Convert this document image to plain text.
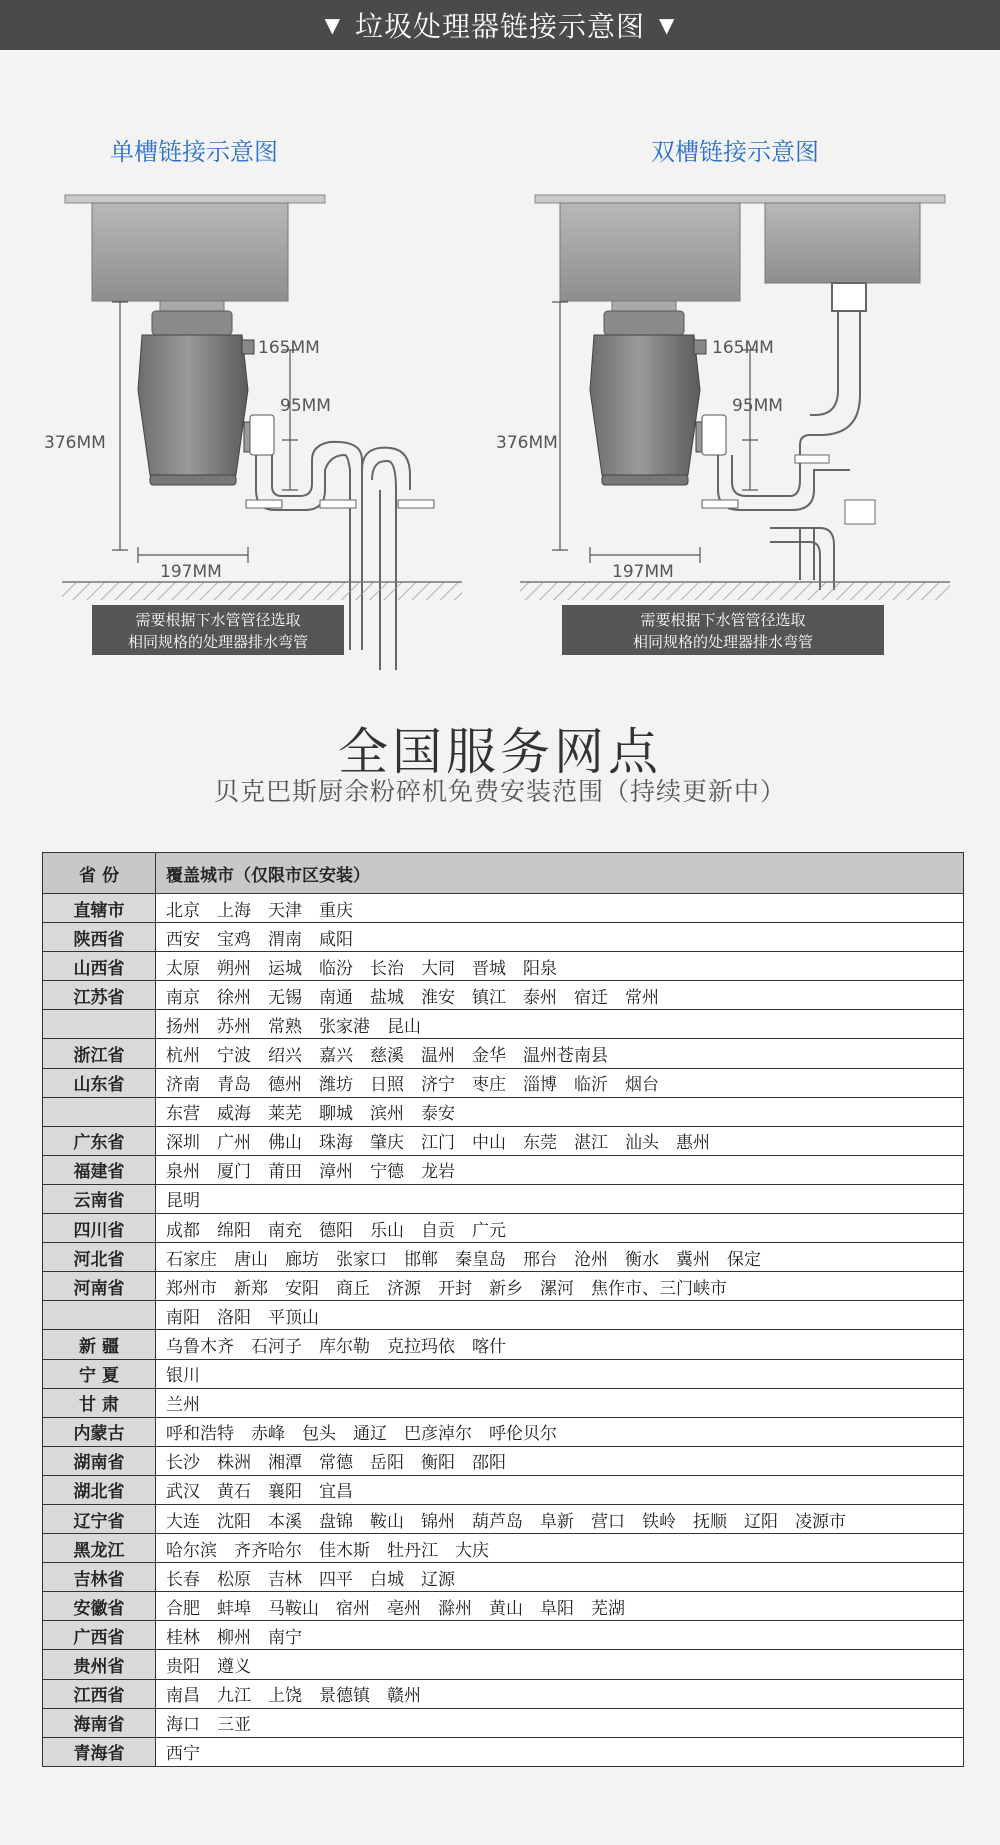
▼ 垃圾处理器链接示意图 ▼
单槽链接示意图
376MM
165MM
95MM
197MM
需要根据下水管管径选取
相同规格的处理器排水弯管
双槽链接示意图
376MM
165MM
95MM
197MM
需要根据下水管管径选取
相同规格的处理器排水弯管
全国服务网点
贝克巴斯厨余粉碎机免费安装范围（持续更新中）
省 份	覆盖城市（仅限市区安装）
直辖市	北京 上海 天津 重庆
陕西省	西安 宝鸡 渭南 咸阳
山西省	太原 朔州 运城 临汾 长治 大同 晋城 阳泉
江苏省	南京 徐州 无锡 南通 盐城 淮安 镇江 泰州 宿迁 常州
	扬州 苏州 常熟 张家港 昆山
浙江省	杭州 宁波 绍兴 嘉兴 慈溪 温州 金华 温州苍南县
山东省	济南 青岛 德州 潍坊 日照 济宁 枣庄 淄博 临沂 烟台
	东营 威海 莱芜 聊城 滨州 泰安
广东省	深圳 广州 佛山 珠海 肇庆 江门 中山 东莞 湛江 汕头 惠州
福建省	泉州 厦门 莆田 漳州 宁德 龙岩
云南省	昆明
四川省	成都 绵阳 南充 德阳 乐山 自贡 广元
河北省	石家庄 唐山 廊坊 张家口 邯郸 秦皇岛 邢台 沧州 衡水 冀州 保定
河南省	郑州市 新郑 安阳 商丘 济源 开封 新乡 漯河 焦作市、三门峡市
	南阳 洛阳 平顶山
新 疆	乌鲁木齐 石河子 库尔勒 克拉玛依 喀什
宁 夏	银川
甘 肃	兰州
内蒙古	呼和浩特 赤峰 包头 通辽 巴彦淖尔 呼伦贝尔
湖南省	长沙 株洲 湘潭 常德 岳阳 衡阳 邵阳
湖北省	武汉 黄石 襄阳 宜昌
辽宁省	大连 沈阳 本溪 盘锦 鞍山 锦州 葫芦岛 阜新 营口 铁岭 抚顺 辽阳 凌源市
黑龙江	哈尔滨 齐齐哈尔 佳木斯 牡丹江 大庆
吉林省	长春 松原 吉林 四平 白城 辽源
安徽省	合肥 蚌埠 马鞍山 宿州 亳州 滁州 黄山 阜阳 芜湖
广西省	桂林 柳州 南宁
贵州省	贵阳 遵义
江西省	南昌 九江 上饶 景德镇 赣州
海南省	海口 三亚
青海省	西宁
